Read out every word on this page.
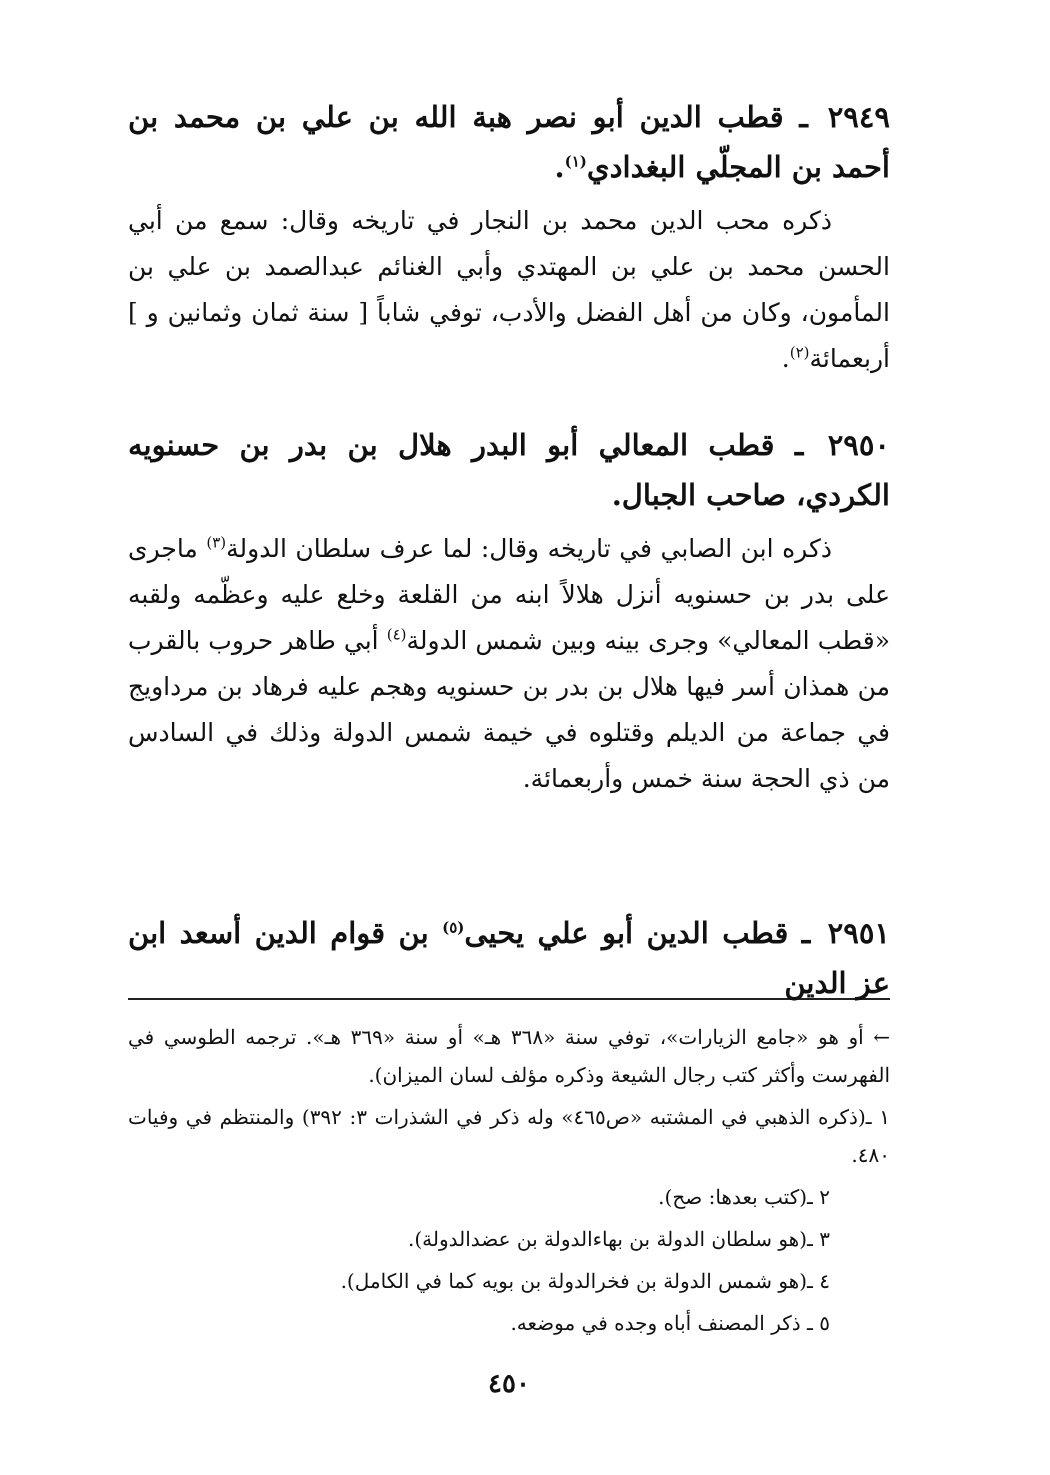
٢٩٤٩ ـ قطب الدين أبو نصر هبة الله بن علي بن محمد بن أحمد بن المجلّي البغدادي$^{(١)}$.

ذكره محب الدين محمد بن النجار في تاريخه وقال: سمع من أبي الحسن محمد بن علي بن المهتدي وأبي الغنائم عبدالصمد بن علي بن المأمون، وكان من أهل الفضل والأدب، توفي شاباً [ سنة ثمان وثمانين و ] أربعمائة$^{(٢)}$.

٢٩٥٠ ـ قطب المعالي أبو البدر هلال بن بدر بن حسنويه الكردي، صاحب الجبال.

ذكره ابن الصابي في تاريخه وقال: لما عرف سلطان الدولة$^{(٣)}$ ماجرى على بدر بن حسنويه أنزل هلالاً ابنه من القلعة وخلع عليه وعظّمه ولقبه «قطب المعالي» وجرى بينه وبين شمس الدولة$^{(٤)}$ أبي طاهر حروب بالقرب من همذان أسر فيها هلال بن بدر بن حسنويه وهجم عليه فرهاد بن مرداويج في جماعة من الديلم وقتلوه في خيمة شمس الدولة وذلك في السادس من ذي الحجة سنة خمس وأربعمائة.

٢٩٥١ ـ قطب الدين أبو علي يحيى$^{(٥)}$ بن قوام الدين أسعد ابن عز الدين

← أو هو «جامع الزيارات»، توفي سنة «٣٦٨ هـ» أو سنة «٣٦٩ هـ». ترجمه الطوسي في الفهرست وأكثر كتب رجال الشيعة وذكره مؤلف لسان الميزان).

١ ـ(ذكره الذهبي في المشتبه «ص٤٦٥» وله ذكر في الشذرات ٣: ٣٩٢) والمنتظم في وفيات ٤٨٠.

٢ ـ(كتب بعدها: صح).

٣ ـ(هو سلطان الدولة بن بهاءالدولة بن عضدالدولة).

٤ ـ(هو شمس الدولة بن فخرالدولة بن بويه كما في الكامل).

٥ ـ ذكر المصنف أباه وجده في موضعه.

٤٥٠
